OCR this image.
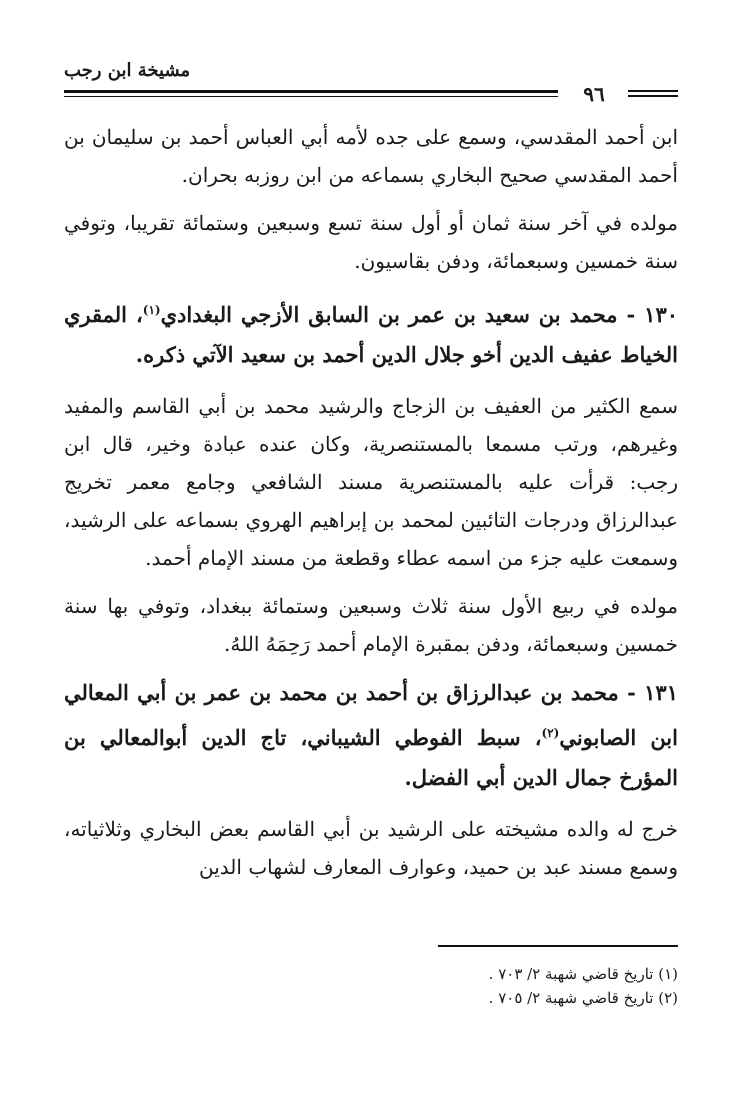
مشيخة ابن رجب
٩٦

ابن أحمد المقدسي، وسمع على جده لأمه أبي العباس أحمد بن سليمان بن أحمد المقدسي صحيح البخاري بسماعه من ابن روزبه بحران.

مولده في آخر سنة ثمان أو أول سنة تسع وسبعين وستمائة تقريبا، وتوفي سنة خمسين وسبعمائة، ودفن بقاسيون.

١٣٠ - محمد بن سعيد بن عمر بن السابق الأزجي البغدادي$^{(١)}$، المقري الخياط عفيف الدين أخو جلال الدين أحمد بن سعيد الآتي ذكره.

سمع الكثير من العفيف بن الزجاج والرشيد محمد بن أبي القاسم والمفيد وغيرهم، ورتب مسمعا بالمستنصرية، وكان عنده عبادة وخير، قال ابن رجب: قرأت عليه بالمستنصرية مسند الشافعي وجامع معمر تخريج عبدالرزاق ودرجات التائبين لمحمد بن إبراهيم الهروي بسماعه على الرشيد، وسمعت عليه جزء من اسمه عطاء وقطعة من مسند الإمام أحمد.

مولده في ربيع الأول سنة ثلاث وسبعين وستمائة ببغداد، وتوفي بها سنة خمسين وسبعمائة، ودفن بمقبرة الإمام أحمد رَحِمَهُ اللهُ.

١٣١ - محمد بن عبدالرزاق بن أحمد بن محمد بن عمر بن أبي المعالي ابن الصابوني$^{(٢)}$، سبط الفوطي الشيباني، تاج الدين أبوالمعالي بن المؤرخ جمال الدين أبي الفضل.

خرج له والده مشيخته على الرشيد بن أبي القاسم بعض البخاري وثلاثياته، وسمع مسند عبد بن حميد، وعوارف المعارف لشهاب الدين

(١) تاريخ قاضي شهبة ٢/ ٧٠٣ .
(٢) تاريخ قاضي شهبة ٢/ ٧٠٥ .
